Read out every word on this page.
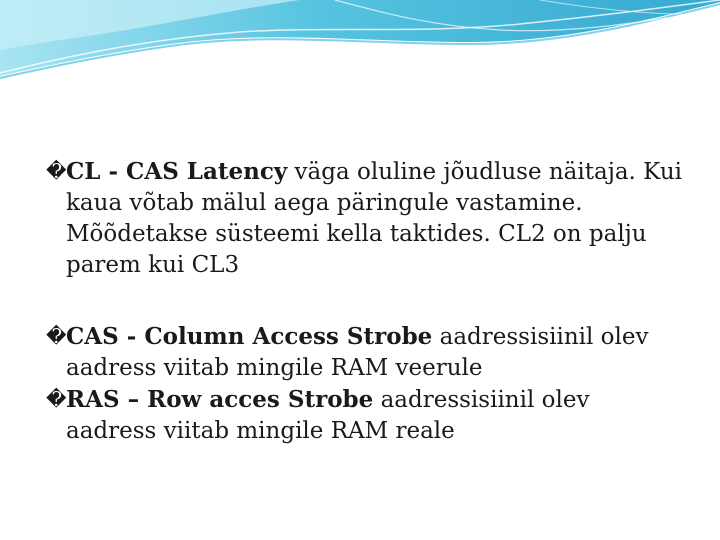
� CL - CAS Latency väga oluline jõudluse näitaja. Kui kaua võtab mälul aega päringule vastamine. Mõõdetakse süsteemi kella taktides. CL2 on palju parem kui CL3
� CAS - Column Access Strobe aadressisiinil olev aadress viitab mingile RAM veerule
� RAS – Row acces Strobe aadressisiinil olev aadress viitab mingile RAM reale
